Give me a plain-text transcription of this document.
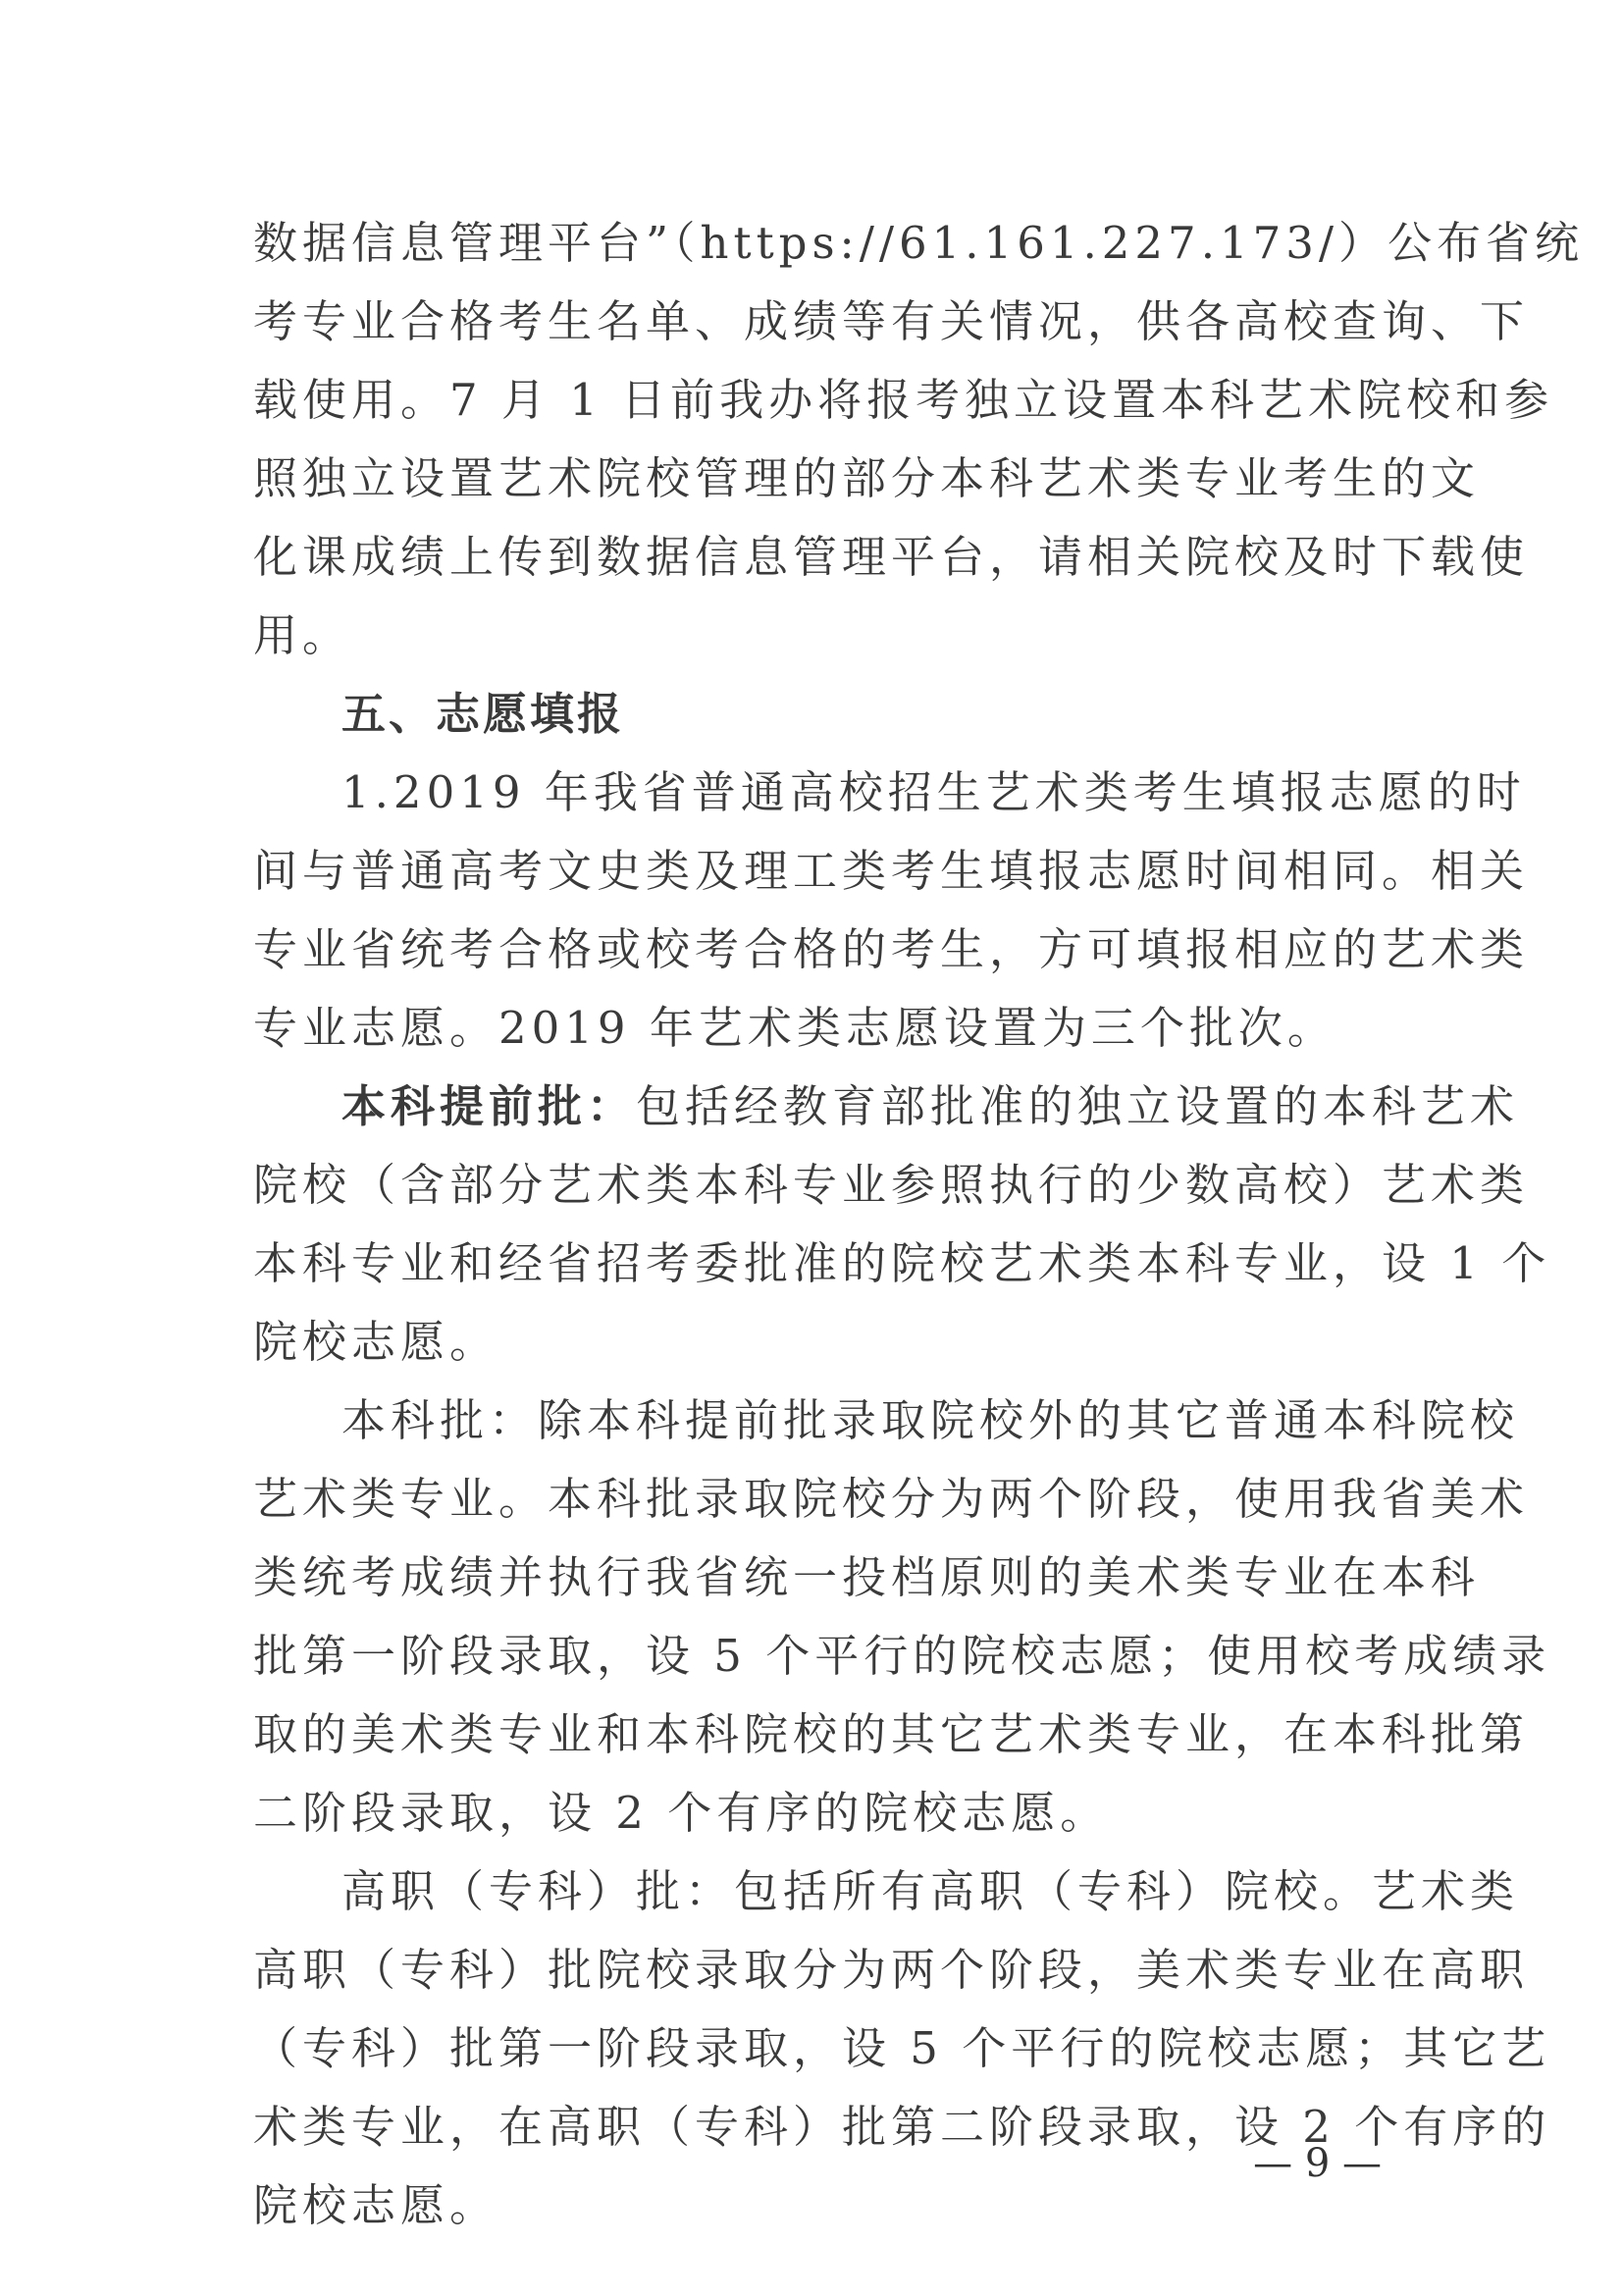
数据信息管理平台”（https://61.161.227.173/）公布省统
考专业合格考生名单、成绩等有关情况，供各高校查询、下
载使用。7 月 1 日前我办将报考独立设置本科艺术院校和参
照独立设置艺术院校管理的部分本科艺术类专业考生的文
化课成绩上传到数据信息管理平台，请相关院校及时下载使
用。
五、志愿填报
1.2019 年我省普通高校招生艺术类考生填报志愿的时
间与普通高考文史类及理工类考生填报志愿时间相同。相关
专业省统考合格或校考合格的考生，方可填报相应的艺术类
专业志愿。2019 年艺术类志愿设置为三个批次。
本科提前批：包括经教育部批准的独立设置的本科艺术
院校（含部分艺术类本科专业参照执行的少数高校）艺术类
本科专业和经省招考委批准的院校艺术类本科专业，设 1 个
院校志愿。
本科批：除本科提前批录取院校外的其它普通本科院校
艺术类专业。本科批录取院校分为两个阶段，使用我省美术
类统考成绩并执行我省统一投档原则的美术类专业在本科
批第一阶段录取，设 5 个平行的院校志愿；使用校考成绩录
取的美术类专业和本科院校的其它艺术类专业，在本科批第
二阶段录取，设 2 个有序的院校志愿。
高职（专科）批：包括所有高职（专科）院校。艺术类
高职（专科）批院校录取分为两个阶段，美术类专业在高职
（专科）批第一阶段录取，设 5 个平行的院校志愿；其它艺
术类专业，在高职（专科）批第二阶段录取，设 2 个有序的
院校志愿。
— 9 —
